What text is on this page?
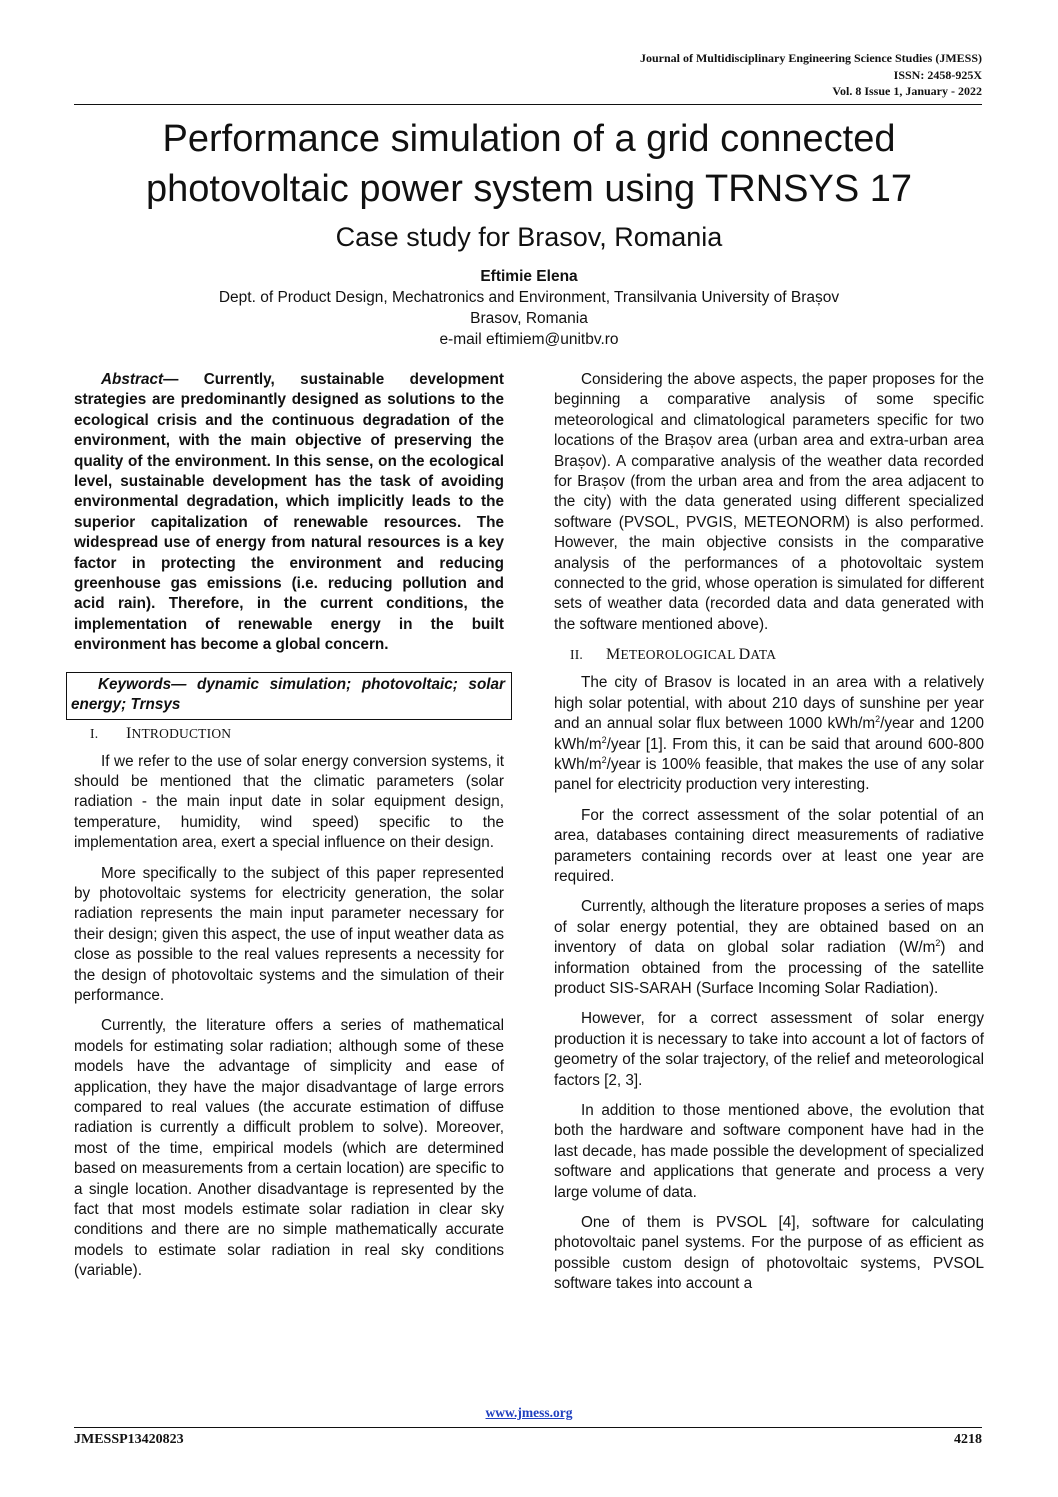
Journal of Multidisciplinary Engineering Science Studies (JMESS)
ISSN: 2458-925X
Vol. 8 Issue 1, January - 2022
Performance simulation of a grid connected photovoltaic power system using TRNSYS 17
Case study for Brasov, Romania
Eftimie Elena
Dept. of Product Design, Mechatronics and Environment, Transilvania University of Brașov
Brasov, Romania
e-mail eftimiem@unitbv.ro
Abstract— Currently, sustainable development strategies are predominantly designed as solutions to the ecological crisis and the continuous degradation of the environment, with the main objective of preserving the quality of the environment. In this sense, on the ecological level, sustainable development has the task of avoiding environmental degradation, which implicitly leads to the superior capitalization of renewable resources. The widespread use of energy from natural resources is a key factor in protecting the environment and reducing greenhouse gas emissions (i.e. reducing pollution and acid rain). Therefore, in the current conditions, the implementation of renewable energy in the built environment has become a global concern.
Keywords— dynamic simulation; photovoltaic; solar energy; Trnsys
I.	INTRODUCTION

If we refer to the use of solar energy conversion systems, it should be mentioned that the climatic parameters (solar radiation - the main input date in solar equipment design, temperature, humidity, wind speed) specific to the implementation area, exert a special influence on their design.

More specifically to the subject of this paper represented by photovoltaic systems for electricity generation, the solar radiation represents the main input parameter necessary for their design; given this aspect, the use of input weather data as close as possible to the real values represents a necessity for the design of photovoltaic systems and the simulation of their performance.

Currently, the literature offers a series of mathematical models for estimating solar radiation; although some of these models have the advantage of simplicity and ease of application, they have the major disadvantage of large errors compared to real values (the accurate estimation of diffuse radiation is currently a difficult problem to solve). Moreover, most of the time, empirical models (which are determined based on measurements from a certain location) are specific to a single location. Another disadvantage is represented by the fact that most models estimate solar radiation in clear sky conditions and there are no simple mathematically accurate models to estimate solar radiation in real sky conditions (variable).

Considering the above aspects, the paper proposes for the beginning a comparative analysis of some specific meteorological and climatological parameters specific for two locations of the Brașov area (urban area and extra-urban area Brașov). A comparative analysis of the weather data recorded for Brașov (from the urban area and from the area adjacent to the city) with the data generated using different specialized software (PVSOL, PVGIS, METEONORM) is also performed. However, the main objective consists in the comparative analysis of the performances of a photovoltaic system connected to the grid, whose operation is simulated for different sets of weather data (recorded data and data generated with the software mentioned above).

II.	METEOROLOGICAL DATA

The city of Brasov is located in an area with a relatively high solar potential, with about 210 days of sunshine per year and an annual solar flux between 1000 kWh/$m^2$/year and 1200 kWh/$m^2$/year [1]. From this, it can be said that around 600-800 kWh/$m^2$/year is 100% feasible, that makes the use of any solar panel for electricity production very interesting.

For the correct assessment of the solar potential of an area, databases containing direct measurements of radiative parameters containing records over at least one year are required.

Currently, although the literature proposes a series of maps of solar energy potential, they are obtained based on an inventory of data on global solar radiation $(W/m^2)$ and information obtained from the processing of the satellite product SIS-SARAH (Surface Incoming Solar Radiation).

However, for a correct assessment of solar energy production it is necessary to take into account a lot of factors of geometry of the solar trajectory, of the relief and meteorological factors [2, 3].

In addition to those mentioned above, the evolution that both the hardware and software component have had in the last decade, has made possible the development of specialized software and applications that generate and process a very large volume of data.

One of them is PVSOL [4], software for calculating photovoltaic panel systems. For the purpose of as efficient as possible custom design of photovoltaic systems, PVSOL software takes into account a

www.jmess.org
JMESSP13420823	4218
